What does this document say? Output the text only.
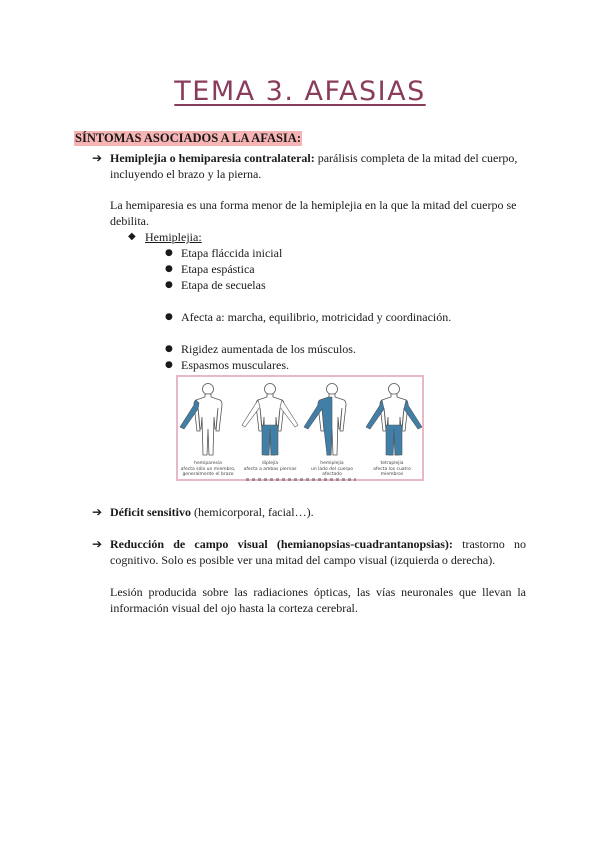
TEMA 3. AFASIAS
SÍNTOMAS ASOCIADOS A LA AFASIA:
➔ Hemiplejia o hemiparesia contralateral: parálisis completa de la mitad del cuerpo, incluyendo el brazo y la pierna.
La hemiparesia es una forma menor de la hemiplejia en la que la mitad del cuerpo se debilita.
◆ Hemiplejia:
● Etapa fláccida inicial
● Etapa espástica
● Etapa de secuelas
● Afecta a: marcha, equilibrio, motricidad y coordinación.
● Rigidez aumentada de los músculos.
● Espasmos musculares.
hemiparesia
afecta sólo un miembro,
generalmente el brazo
diplejía
afecta a ambas piernas
hemiplejia
un lado del cuerpo
afectado
tetraplejia
afecta los cuatro
miembros
➔ Déficit sensitivo (hemicorporal, facial…).
➔ Reducción de campo visual (hemianopsias-cuadrantanopsias): trastorno no cognitivo. Solo es posible ver una mitad del campo visual (izquierda o derecha).
Lesión producida sobre las radiaciones ópticas, las vías neuronales que llevan la información visual del ojo hasta la corteza cerebral.
